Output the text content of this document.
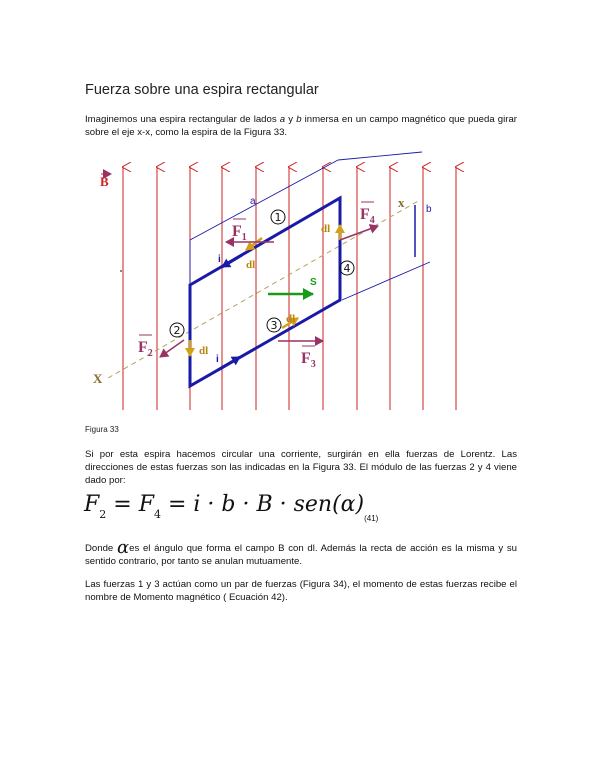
Fuerza sobre una espira rectangular
Imaginemos una espira rectangular de lados a y b inmersa en un campo magnético que pueda girar sobre el eje x-x, como la espira de la Figura 33.
B
a
b
X
x
i
i
S
dl
dl
dl
dl
$F_1$
$F_2$	$F_3$
$F_4$
1
2	3
4
Figura 33
Si por esta espira hacemos circular una corriente, surgirán en ella fuerzas de Lorentz. Las direcciones de estas fuerzas son las indicadas en la Figura 33. El módulo de las fuerzas 2 y 4 viene dado por:
$F_2 = F_4 = i \cdot b \cdot B \cdot sen(\alpha)_{(41)}$
Donde αes el ángulo que forma el campo B con dl. Además la recta de acción es la misma y su sentido contrario, por tanto se anulan mutuamente.
Las fuerzas 1 y 3 actúan como un par de fuerzas (Figura 34), el momento de estas fuerzas recibe el nombre de Momento magnético ( Ecuación 42).
